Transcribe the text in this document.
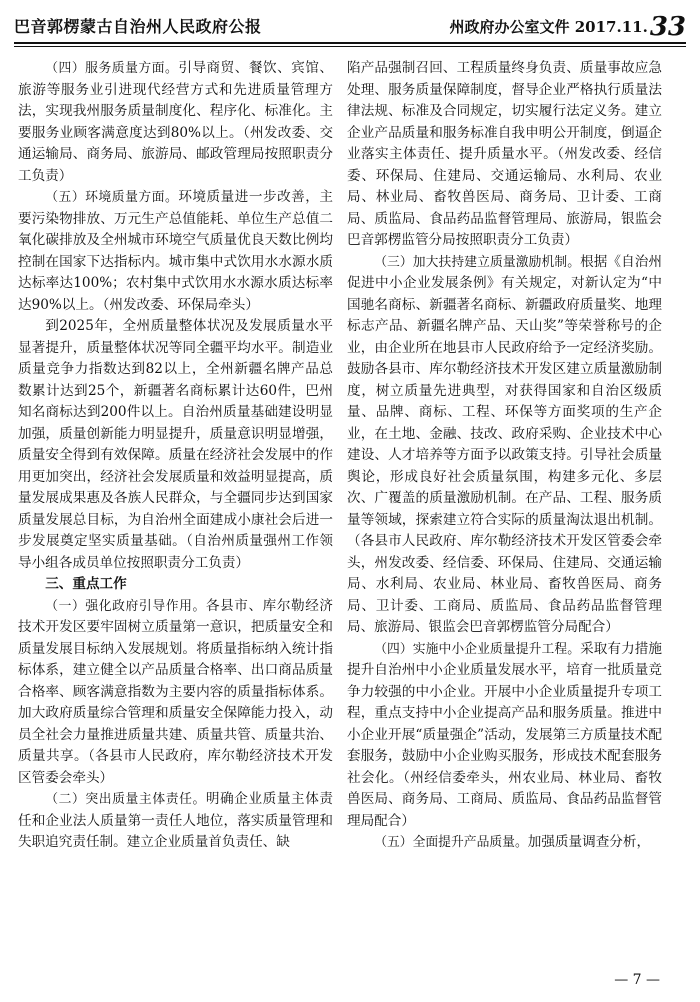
巴音郭楞蒙古自治州人民政府公报	州政府办公室文件 2017.11.33

（四）服务质量方面。引导商贸、餐饮、宾馆、旅游等服务业引进现代经营方式和先进质量管理方法，实现我州服务质量制度化、程序化、标准化。主要服务业顾客满意度达到80%以上。（州发改委、交通运输局、商务局、旅游局、邮政管理局按照职责分工负责）

（五）环境质量方面。环境质量进一步改善，主要污染物排放、万元生产总值能耗、单位生产总值二氧化碳排放及全州城市环境空气质量优良天数比例均控制在国家下达指标内。城市集中式饮用水水源水质达标率达100%；农村集中式饮用水水源水质达标率达90%以上。（州发改委、环保局牵头）

到2025年，全州质量整体状况及发展质量水平显著提升，质量整体状况等同全疆平均水平。制造业质量竞争力指数达到82以上，全州新疆名牌产品总数累计达到25个，新疆著名商标累计达60件，巴州知名商标达到200件以上。自治州质量基础建设明显加强，质量创新能力明显提升，质量意识明显增强，质量安全得到有效保障。质量在经济社会发展中的作用更加突出，经济社会发展质量和效益明显提高，质量发展成果惠及各族人民群众，与全疆同步达到国家质量发展总目标，为自治州全面建成小康社会后进一步发展奠定坚实质量基础。（自治州质量强州工作领导小组各成员单位按照职责分工负责）

三、重点工作

（一）强化政府引导作用。各县市、库尔勒经济技术开发区要牢固树立质量第一意识，把质量安全和质量发展目标纳入发展规划。将质量指标纳入统计指标体系，建立健全以产品质量合格率、出口商品质量合格率、顾客满意指数为主要内容的质量指标体系。加大政府质量综合管理和质量安全保障能力投入，动员全社会力量推进质量共建、质量共管、质量共治、质量共享。（各县市人民政府，库尔勒经济技术开发区管委会牵头）

（二）突出质量主体责任。明确企业质量主体责任和企业法人质量第一责任人地位，落实质量管理和失职追究责任制。建立企业质量首负责任、缺

陷产品强制召回、工程质量终身负责、质量事故应急处理、服务质量保障制度，督导企业严格执行质量法律法规、标准及合同规定，切实履行法定义务。建立企业产品质量和服务标准自我申明公开制度，倒逼企业落实主体责任、提升质量水平。（州发改委、经信委、环保局、住建局、交通运输局、水利局、农业局、林业局、畜牧兽医局、商务局、卫计委、工商局、质监局、食品药品监督管理局、旅游局，银监会巴音郭楞监管分局按照职责分工负责）

（三）加大扶持建立质量激励机制。根据《自治州促进中小企业发展条例》有关规定，对新认定为“中国驰名商标、新疆著名商标、新疆政府质量奖、地理标志产品、新疆名牌产品、天山奖”等荣誉称号的企业，由企业所在地县市人民政府给予一定经济奖励。鼓励各县市、库尔勒经济技术开发区建立质量激励制度，树立质量先进典型，对获得国家和自治区级质量、品牌、商标、工程、环保等方面奖项的生产企业，在土地、金融、技改、政府采购、企业技术中心建设、人才培养等方面予以政策支持。引导社会质量舆论，形成良好社会质量氛围，构建多元化、多层次、广覆盖的质量激励机制。在产品、工程、服务质量等领域，探索建立符合实际的质量淘汰退出机制。（各县市人民政府、库尔勒经济技术开发区管委会牵头，州发改委、经信委、环保局、住建局、交通运输局、水利局、农业局、林业局、畜牧兽医局、商务局、卫计委、工商局、质监局、食品药品监督管理局、旅游局、银监会巴音郭楞监管分局配合）

（四）实施中小企业质量提升工程。采取有力措施提升自治州中小企业质量发展水平，培育一批质量竞争力较强的中小企业。开展中小企业质量提升专项工程，重点支持中小企业提高产品和服务质量。推进中小企业开展“质量强企”活动，发展第三方质量技术配套服务，鼓励中小企业购买服务，形成技术配套服务社会化。（州经信委牵头，州农业局、林业局、畜牧兽医局、商务局、工商局、质监局、食品药品监督管理局配合）

（五）全面提升产品质量。加强质量调查分析，

— 7 —
